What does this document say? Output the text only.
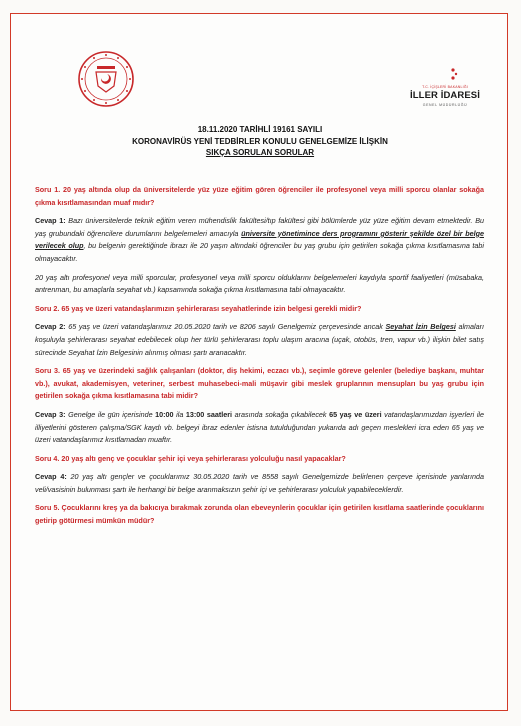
T.C. İÇİŞLERİ BAKANLIĞI
İLLER İDARESİ
GENEL MÜDÜRLÜĞÜ
18.11.2020 TARİHLİ 19161 SAYILI
KORONAVİRÜS YENİ TEDBİRLER KONULU GENELGEMİZE İLİŞKİN
SIKÇA SORULAN SORULAR

Soru 1. 20 yaş altında olup da üniversitelerde yüz yüze eğitim gören öğrenciler ile profesyonel veya milli sporcu olanlar sokağa çıkma kısıtlamasından muaf mıdır?

Cevap 1: Bazı üniversitelerde teknik eğitim veren mühendislik fakültesi/tıp fakültesi gibi bölümlerde yüz yüze eğitim devam etmektedir. Bu yaş grubundaki öğrencilere durumlarını belgelemeleri amacıyla üniversite yönetimince ders programını gösterir şekilde özel bir belge verilecek olup, bu belgenin gerektiğinde ibrazı ile 20 yaşın altındaki öğrenciler bu yaş grubu için getirilen sokağa çıkma kısıtlamasına tabi olmayacaktır.

20 yaş altı profesyonel veya milli sporcular, profesyonel veya milli sporcu olduklarını belgelemeleri kaydıyla sportif faaliyetleri (müsabaka, antrenman, bu amaçlarla seyahat vb.) kapsamında sokağa çıkma kısıtlamasına tabi olmayacaktır.

Soru 2. 65 yaş ve üzeri vatandaşlarımızın şehirlerarası seyahatlerinde izin belgesi gerekli midir?

Cevap 2: 65 yaş ve üzeri vatandaşlarımız 20.05.2020 tarih ve 8206 sayılı Genelgemiz çerçevesinde ancak Seyahat İzin Belgesi almaları koşuluyla şehirlerarası seyahat edebilecek olup her türlü şehirlerarası toplu ulaşım aracına (uçak, otobüs, tren, vapur vb.) ilişkin bilet satış sürecinde Seyahat İzin Belgesinin alınmış olması şartı aranacaktır.

Soru 3. 65 yaş ve üzerindeki sağlık çalışanları (doktor, diş hekimi, eczacı vb.), seçimle göreve gelenler (belediye başkanı, muhtar vb.), avukat, akademisyen, veteriner, serbest muhasebeci-mali müşavir gibi meslek gruplarının mensupları bu yaş grubu için getirilen sokağa çıkma kısıtlamasına tabi midir?

Cevap 3: Genelge ile gün içerisinde 10:00 ila 13:00 saatleri arasında sokağa çıkabilecek 65 yaş ve üzeri vatandaşlarımızdan işyerleri ile illiyetlerini gösteren çalışma/SGK kaydı vb. belgeyi ibraz edenler istisna tutulduğundan yukarıda adı geçen meslekleri icra eden 65 yaş ve üzeri vatandaşlarımız kısıtlamadan muaftır.

Soru 4. 20 yaş altı genç ve çocuklar şehir içi veya şehirlerarası yolculuğu nasıl yapacaklar?

Cevap 4: 20 yaş altı gençler ve çocuklarımız 30.05.2020 tarih ve 8558 sayılı Genelgemizde belirlenen çerçeve içerisinde yanlarında veli/vasisinin bulunması şartı ile herhangi bir belge aranmaksızın şehir içi ve şehirlerarası yolculuk yapabileceklerdir.

Soru 5. Çocuklarını kreş ya da bakıcıya bırakmak zorunda olan ebeveynlerin çocuklar için getirilen kısıtlama saatlerinde çocuklarını getirip götürmesi mümkün müdür?
